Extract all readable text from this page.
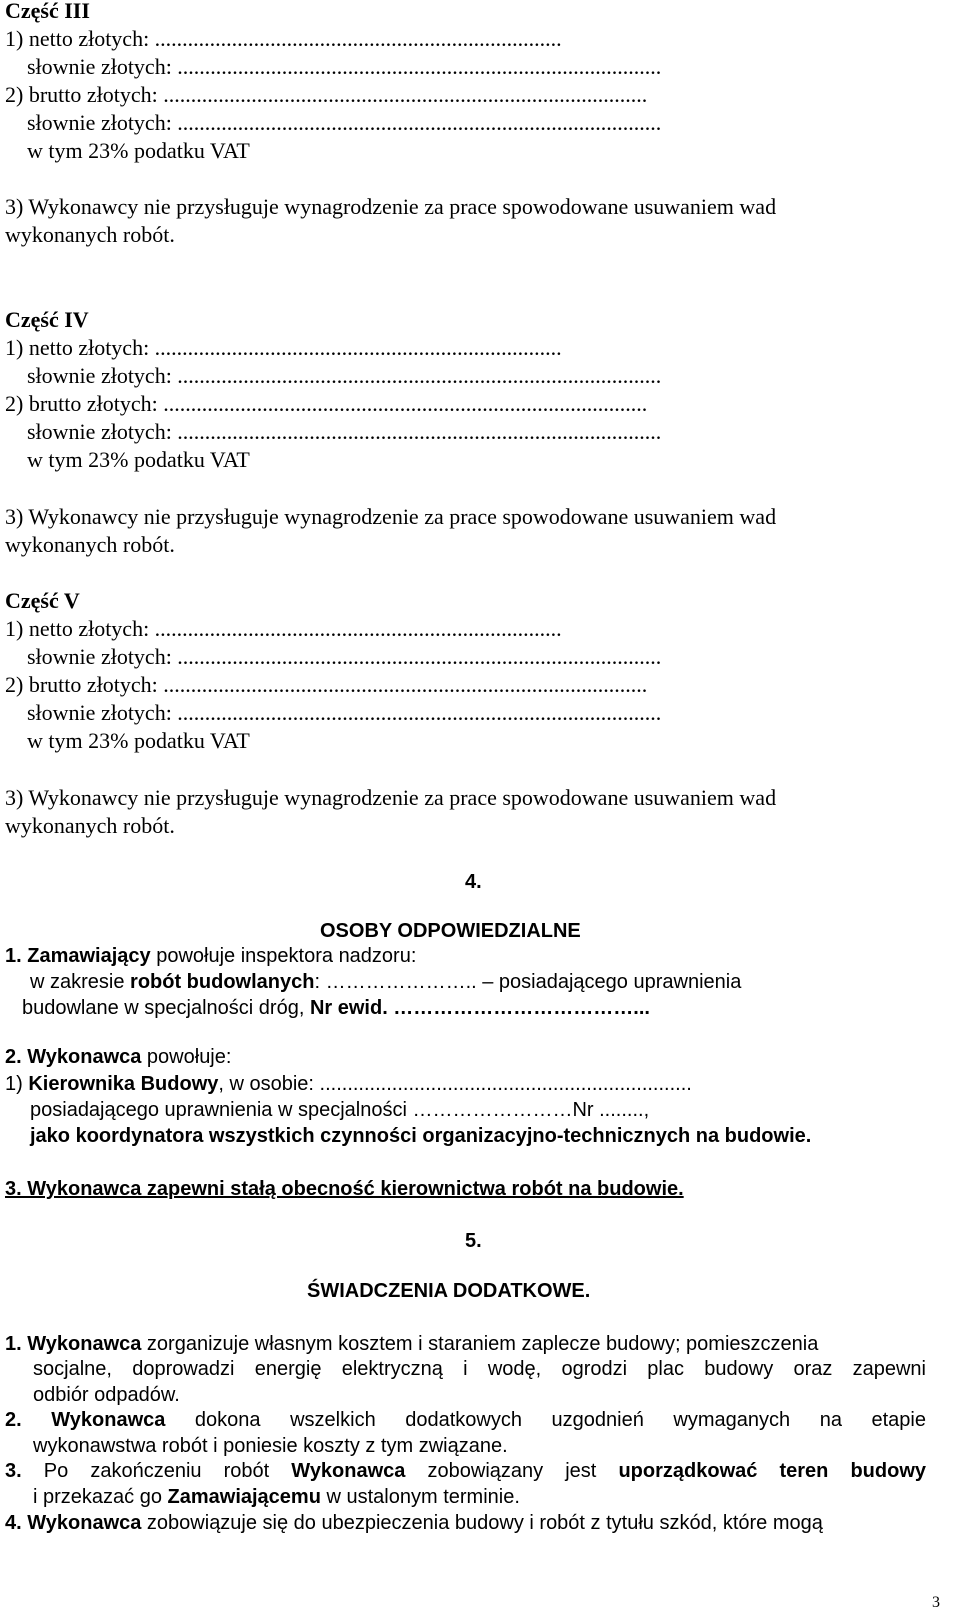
Część III
1) netto złotych: ..........................................................................
słownie złotych: ........................................................................................
2) brutto złotych: ........................................................................................
słownie złotych: ........................................................................................
w tym 23% podatku VAT
3) Wykonawcy nie przysługuje wynagrodzenie za prace spowodowane usuwaniem wad
wykonanych robót.
Część IV
1) netto złotych: ..........................................................................
słownie złotych: ........................................................................................
2) brutto złotych: ........................................................................................
słownie złotych: ........................................................................................
w tym 23% podatku VAT
3) Wykonawcy nie przysługuje wynagrodzenie za prace spowodowane usuwaniem wad
wykonanych robót.
Część V
1) netto złotych: ..........................................................................
słownie złotych: ........................................................................................
2) brutto złotych: ........................................................................................
słownie złotych: ........................................................................................
w tym 23% podatku VAT
3) Wykonawcy nie przysługuje wynagrodzenie za prace spowodowane usuwaniem wad
wykonanych robót.
4.
OSOBY ODPOWIEDZIALNE
1. Zamawiający powołuje inspektora nadzoru:
w zakresie robót budowlanych: ………………….. – posiadającego uprawnienia
budowlane w specjalności dróg, Nr ewid. ………………………………...
2. Wykonawca powołuje:
1) Kierownika Budowy, w osobie: ...................................................................
posiadającego uprawnienia w specjalności ……………………Nr ........,
jako koordynatora wszystkich czynności organizacyjno-technicznych na budowie.
3. Wykonawca zapewni stałą obecność kierownictwa robót na budowie.
5.
ŚWIADCZENIA DODATKOWE.
1. Wykonawca zorganizuje własnym kosztem i staraniem zaplecze budowy; pomieszczenia
socjalne, doprowadzi energię elektryczną i wodę, ogrodzi plac budowy oraz zapewni
odbiór odpadów.
2. Wykonawca dokona wszelkich dodatkowych uzgodnień wymaganych na etapie
wykonawstwa robót i poniesie koszty z tym związane.
3. Po zakończeniu robót Wykonawca zobowiązany jest uporządkować teren budowy
i przekazać go Zamawiającemu w ustalonym terminie.
4. Wykonawca zobowiązuje się do ubezpieczenia budowy i robót z tytułu szkód, które mogą
3
